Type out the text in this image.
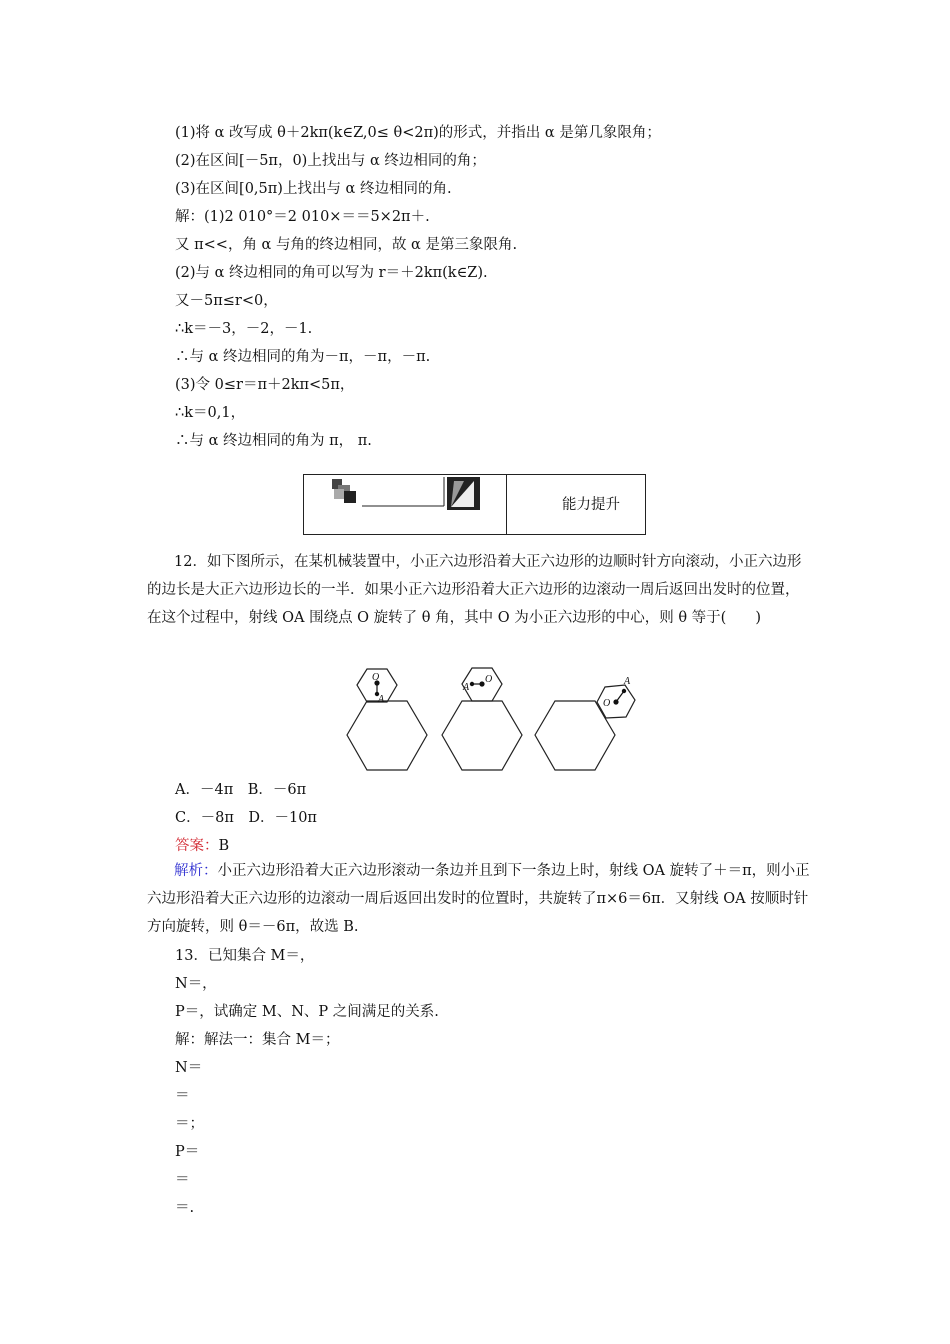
(1)将 α 改写成 θ＋2kπ(k∈Z,0≤ θ<2π)的形式，并指出 α 是第几象限角；
(2)在区间[－5π，0)上找出与 α 终边相同的角；
(3)在区间[0,5π)上找出与 α 终边相同的角.
解：(1)2 010°＝2 010×＝＝5×2π＋.
又 π<<，角 α 与角的终边相同，故 α 是第三象限角.
(2)与 α 终边相同的角可以写为 r＝＋2kπ(k∈Z).
又－5π≤r<0，
∴k＝－3，－2，－1.
∴与 α 终边相同的角为－π，－π，－π.
(3)令 0≤r＝π＋2kπ<5π，
∴k＝0,1，
∴与 α 终边相同的角为 π， π.
能力提升
12．如下图所示，在某机械装置中，小正六边形沿着大正六边形的边顺时针方向滚动，小正六边形的边长是大正六边形边长的一半．如果小正六边形沿着大正六边形的边滚动一周后返回出发时的位置，在这个过程中，射线 OA 围绕点 O 旋转了 θ 角，其中 O 为小正六边形的中心，则 θ 等于(　　)
O
A
O
A
O
A
A．－4π　B．－6π
C．－8π　D．－10π
答案：B
解析：小正六边形沿着大正六边形滚动一条边并且到下一条边上时，射线 OA 旋转了＋＝π，则小正六边形沿着大正六边形的边滚动一周后返回出发时的位置时，共旋转了π×6＝6π．又射线 OA 按顺时针方向旋转，则 θ＝－6π，故选 B.
13．已知集合 M＝，
N＝，
P＝，试确定 M、N、P 之间满足的关系.
解：解法一：集合 M＝；
N＝
＝
＝；
P＝
＝
＝.
